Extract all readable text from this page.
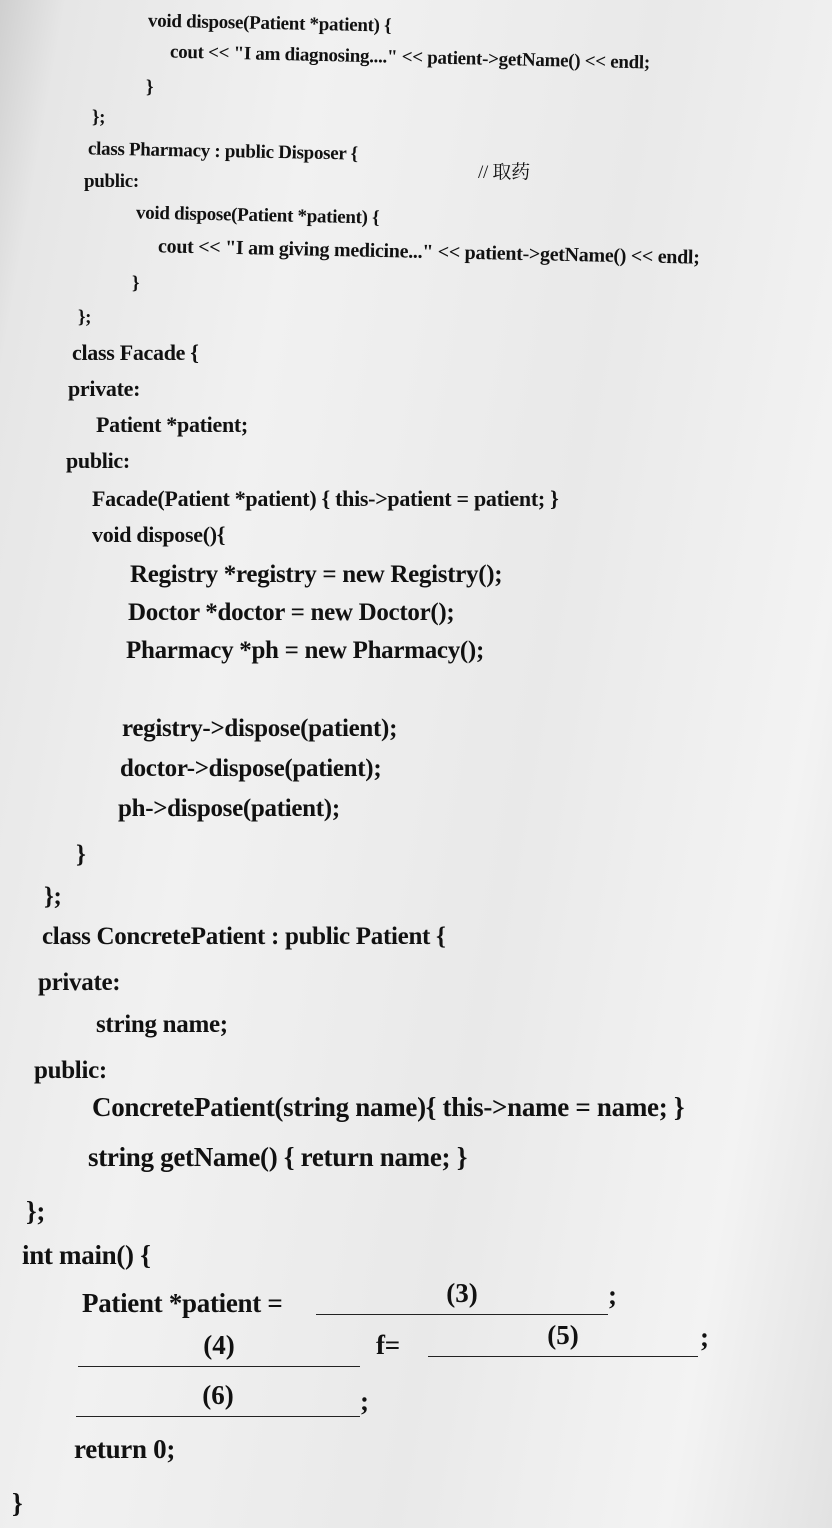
void dispose(Patient *patient) {
cout << "I am diagnosing...." << patient->getName() << endl;
}
};
class Pharmacy : public Disposer {
// 取药
public:
void dispose(Patient *patient) {
cout << "I am giving medicine..." << patient->getName() << endl;
}
};
class Facade {
private:
Patient *patient;
public:
Facade(Patient *patient) { this->patient = patient; }
void dispose(){
Registry *registry = new Registry();
Doctor *doctor = new Doctor();
Pharmacy *ph = new Pharmacy();
registry->dispose(patient);
doctor->dispose(patient);
ph->dispose(patient);
}
};
class ConcretePatient : public Patient {
private:
string name;
public:
ConcretePatient(string name){ this->name = name; }
string getName() { return name; }
};
int main() {
Patient *patient =	(3)	;
(4)	f=	(5)	;
(6)	;
return 0;
}
